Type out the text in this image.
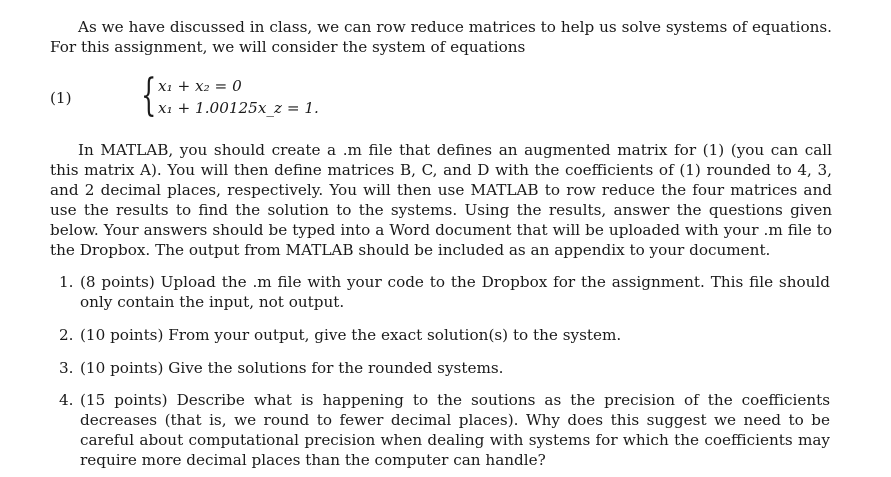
As we have discussed in class, we can row reduce matrices to help us solve systems of equations. For this assignment, we will consider the system of equations

(1) { x₁ + x₂ = 0
x₁ + 1.00125x_z = 1.

In MATLAB, you should create a .m file that defines an augmented matrix for (1) (you can call this matrix A). You will then define matrices B, C, and D with the coefficients of (1) rounded to 4, 3, and 2 decimal places, respectively. You will then use MATLAB to row reduce the four matrices and use the results to find the solution to the systems. Using the results, answer the questions given below. Your answers should be typed into a Word document that will be uploaded with your .m file to the Dropbox. The output from MATLAB should be included as an appendix to your document.

1. (8 points) Upload the .m file with your code to the Dropbox for the assignment. This file should only contain the input, not output.
2. (10 points) From your output, give the exact solution(s) to the system.
3. (10 points) Give the solutions for the rounded systems.
4. (15 points) Describe what is happening to the soutions as the precision of the coefficients decreases (that is, we round to fewer decimal places). Why does this suggest we need to be careful about computational precision when dealing with systems for which the coefficients may require more decimal places than the computer can handle?
